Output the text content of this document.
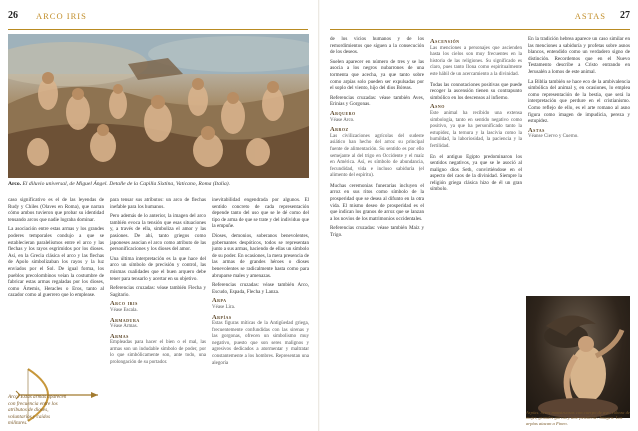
26 ARCO IRIS
Arco. El diluvio universal, de Miguel Ángel. Detalle de la Capilla Sixtina, Vaticano, Roma (Italia).

caso significativo es el de las leyendas de Rudy y Chiles (Olaves en Roma), que narran cómo ambos tuvieron que probar su identidad tensando arcos que nadie lograba dominar.

La asociación entre estas armas y los grandes poderes temporales condujo a que se establecieran paralelismos entre el arco y las flechas y los rayos esgrimidos por los dioses. Así, en la Grecia clásica el arco y las flechas de Apolo simbolizaban los rayos y la luz enviados por el Sol. De igual forma, los pueblos precolombinos veían la costumbre de fabricar estas armas regaladas por los dioses, como Ártemis, Heracles o Eros, tanto al cazador como al guerrero que lo emplease.

Arco. Estas armas aparecen con frecuencia entre los atributos de dioses, voluntarios y caídos militares.

para tensar sus atributos: un arco de flechas inefable para los humanos.

Pero además de lo anterior, la imagen del arco también evoca la tensión que esas situaciones y, a través de ella, simboliza el amor y las pasiones. De ahí, tanto griegos como japoneses asocian el arco como atributo de las personificaciones y los dioses del amor.

Una última interpretación es la que hace del arco un símbolo de precisión y control, las mismas cualidades que el buen arquero debe tener para tensarlo y acertar en su objetivo.

Referencias cruzadas: véase también Flecha y Sagitario.

Arco iris
Véase Escala.
Armadura
Véase Armas.
Armas
Empleadas para hacer el bien o el mal, las armas son un indudable símbolo de poder, por lo que simbólicamente son, ante todo, una prolongación de su portador.

inevitabilidad engendrada por algunos. El sentido concreto de cada representación depende tanto del uso que se le dé como del tipo de arma de que se trate y del individuo que la empuñe.

Dioses, demonios, soberanos benevolentes, gobernantes despóticos, todos se representan junto a sus armas, haciendo de ellas un símbolo de su poder. En ocasiones, la mera presencia de las armas de grandes héroes o dioses benevolentes se radicalmente hasta como para abruparse males y amenazas.

Referencias cruzadas: véase también Arco, Escudo, Espada, Flecha y Lanza.

Arpa
Véase Lira.
Arpías
Estas figuras míticas de la Antigüedad griega, frecuentemente confundidas con las sirenas y las gorgonas, ofrecen un simbolismo muy negativo, puesto que son seres malignos y agresivos dedicados a atormentar y maltratar constantemente a los hombres. Representan una alegoría
ASTAS 27

de los vicios humanos y de los remordimientos que siguen a la consecución de los deseos.

Suelen aparecer en número de tres y se las asocia a los negros nubarrones de una tormenta que acecha, ya que tanto sobre como arpías solo pueden ser expulsadas por el soplo del viento, hijo del dios Bóreas.

Referencias cruzadas: véase también Aves, Erinias y Gorgonas.

Arquero
Véase Arco.
Arroz
Las civilizaciones agrícolas del sudeste asiático han hecho del arroz su principal fuente de alimentación. Su sentido es por ello semejante al del trigo en Occidente y el maíz en América. Así, es símbolo de abundancia, fecundidad, vida e incluso sabiduría (el alimento del espíritu).

Muchas ceremonias funerarias incluyen el arroz en sus ritos como símbolo de la prosperidad que se desea al difunto en la otra vida. El mismo deseo de prosperidad es el que indican los granos de arroz que se lanzan a los novios de los matrimonios occidentales.

Referencias cruzadas: véase también Maíz y Trigo.

Ascensión
Las menciones a personajes que ascienden hasta los cielos son muy frecuentes en la historia de las religiones. Su significado es claro, pues tanto Ilona como espiritualmente este hábil de un acercamiento a la divinidad.

Todas las connotaciones positivas que puede recoger la ascensión tienen su contrapunto simbólico en los descensos al infierno.

Asno
Este animal ha recibido una extensa simbología, tanto en sentido negativo como positivo, ya que ha personificado tanto la estupidez, la ternura y la lascivia como la humildad, la laboriosidad, la paciencia y la fertilidad.

En el antiguo Egipto predominaron los sentidos negativos, ya que se le asoció al maligno dios Seth, convirtiéndose en el aspecto del caos de la divinidad. Siempre la religión griega clásica hizo de él un gran símbolo.

En la tradición hebrea aparece un caso similar en las menciones a sabiduría y profetas sobre asnos blancos, entendido como un verdadero signo de distinción. Recordemos que en el Nuevo Testamento describe a Cristo entrando en Jerusalén a lomos de este animal.

La Biblia también se hace eco de la ambivalencia simbólica del animal y, en ocasiones, lo emplea como representación de la bestia, que será la interpretación que perdure en el cristianismo. Como reflejo de ello, es el arte romano al asno figura como imagen de impudicia, pereza y estupidez.

Astas
Véanse Ciervo y Cuerno.
Arpías. Seres monstruosos con cuerpo de ave, cabeza de mujer, grandes garras y aire pestilente. Imagen: Las arpías atacan a Fineo.
